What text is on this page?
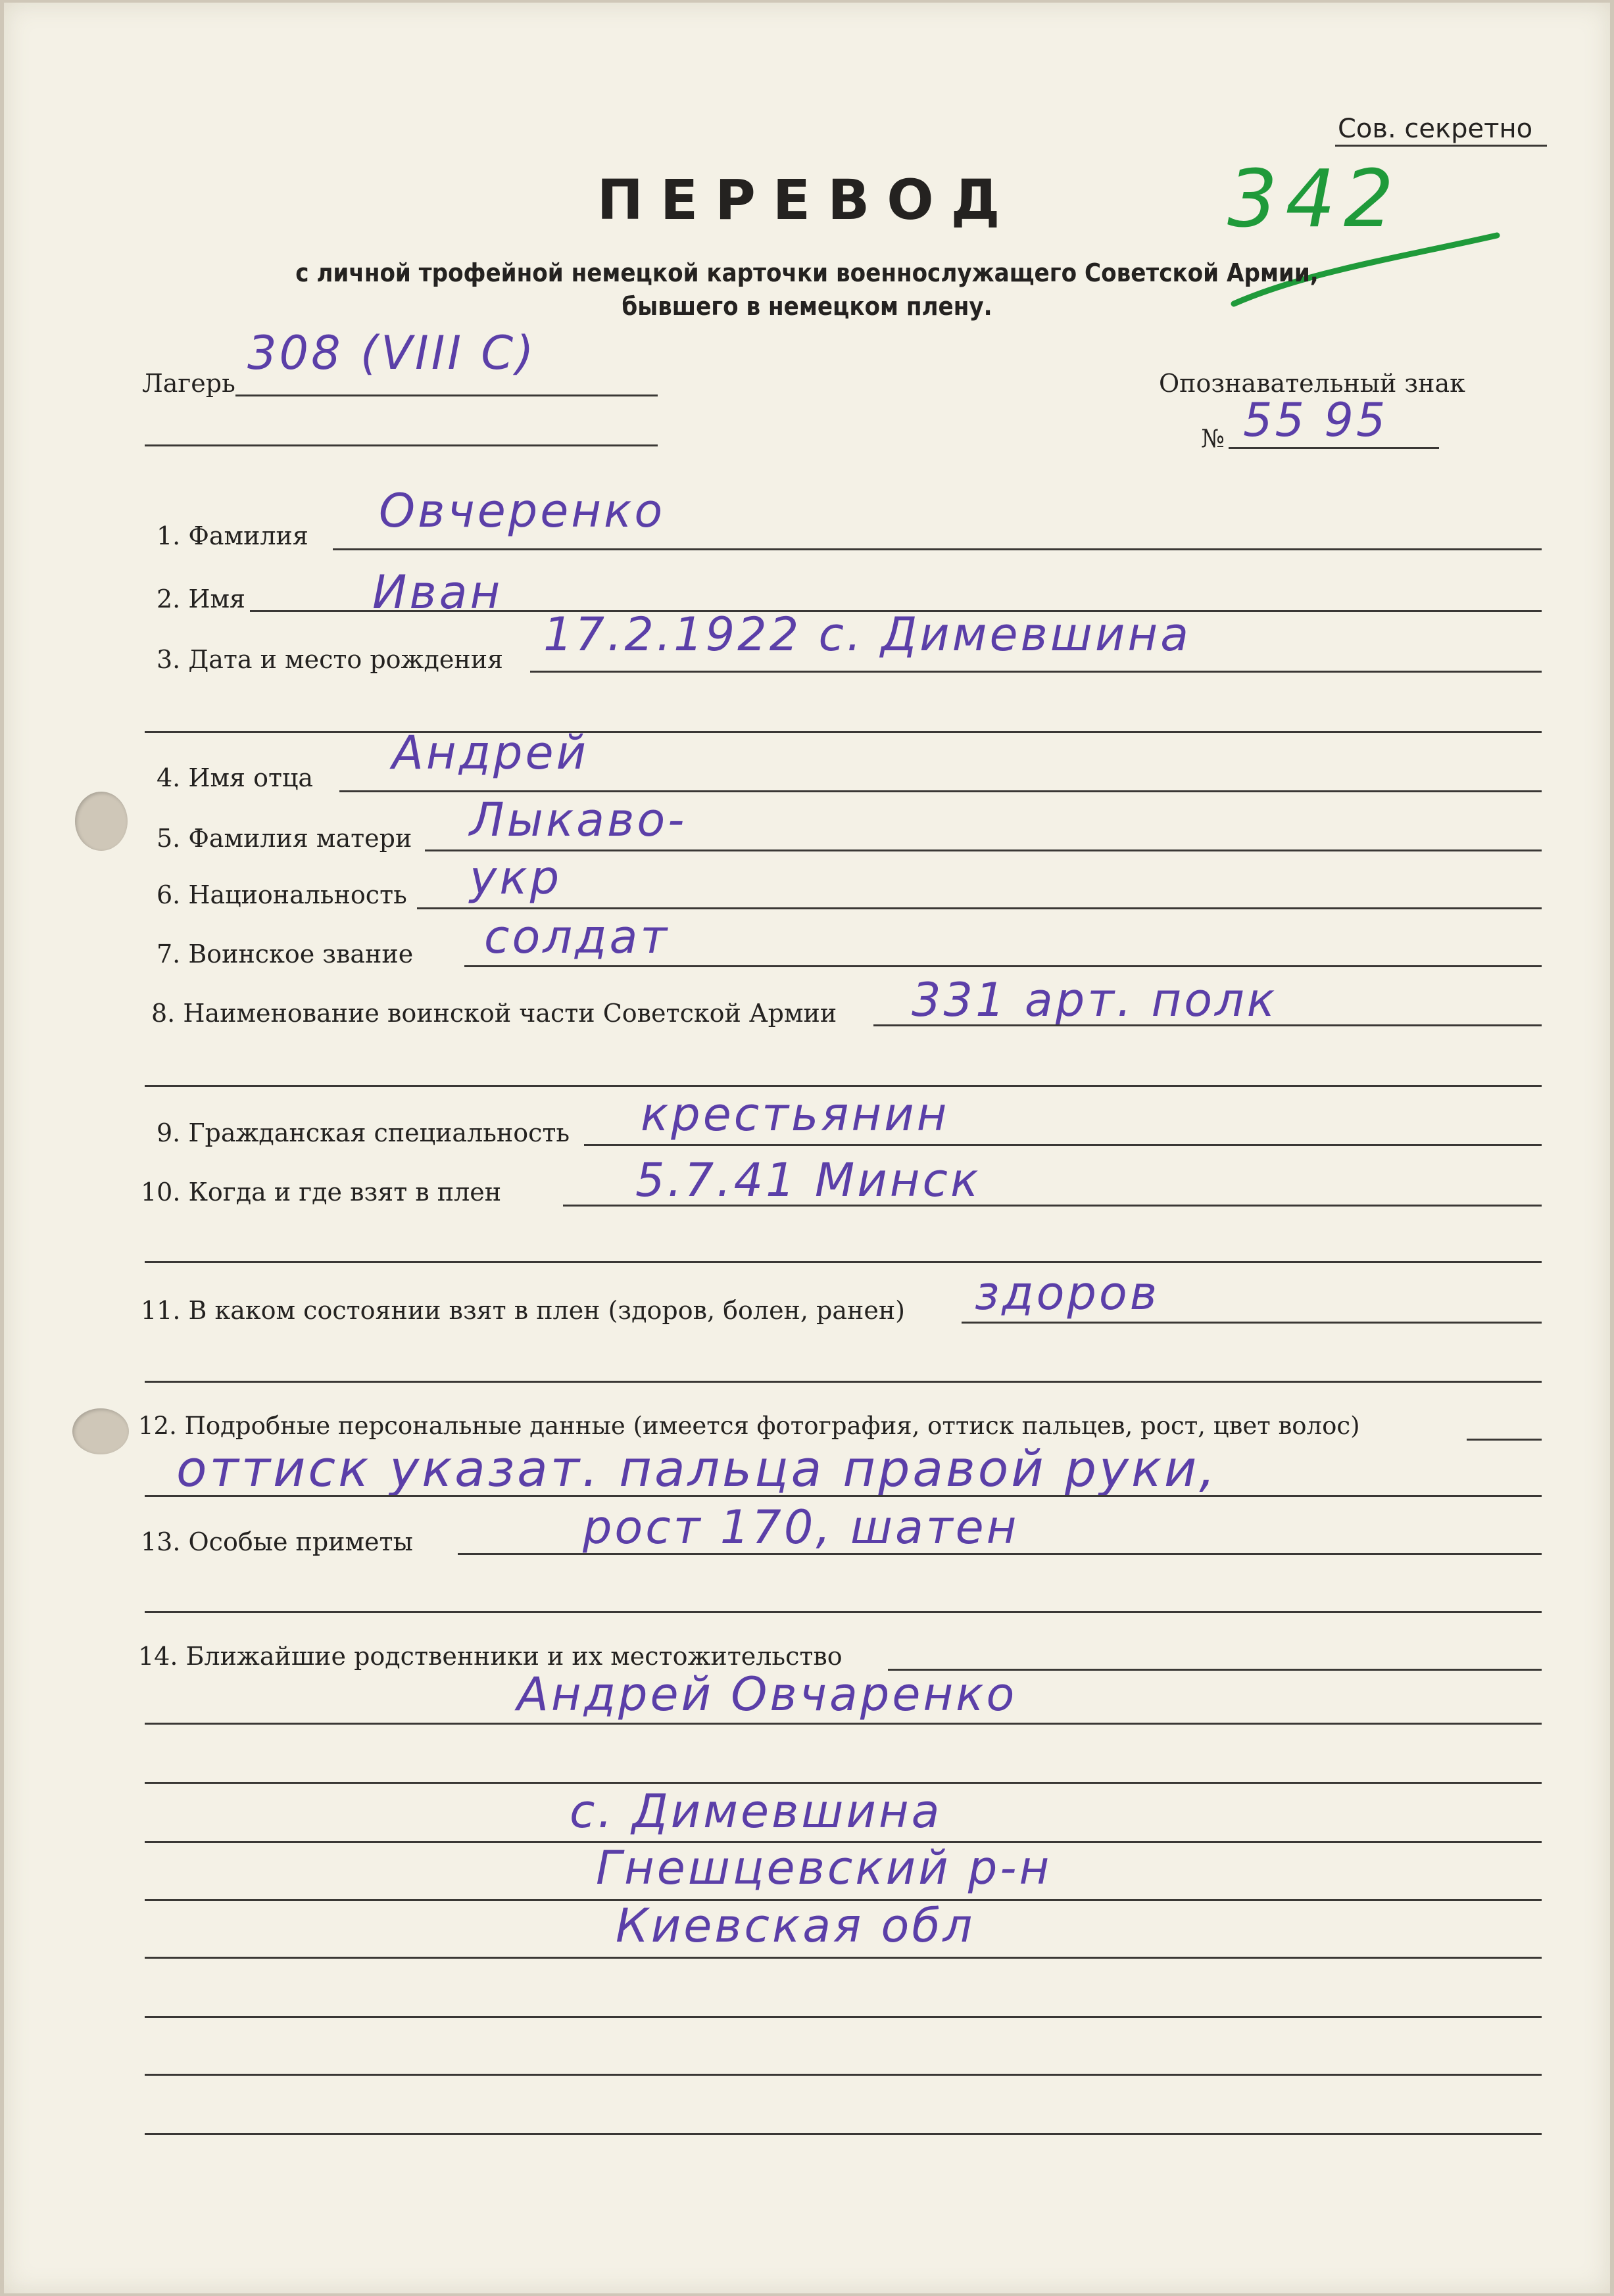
Сов. секретно
342
ПЕРЕВОД
с личной трофейной немецкой карточки военнослужащего Советской Армии,
бывшего в немецком плену.
Лагерь
308 (VIII C)
Опознавательный знак
№ 55 95
1. Фамилия Овчеренко
2. Имя	Иван
3. Дата и место рождения 17.2.1922 с. Димевшина
4. Имя отца Андрей
5. Фамилия матери Лыкаво-
6. Национальность укр
7. Воинское звание солдат
8. Наименование воинской части Советской Армии 331 арт. полк
9. Гражданская специальность крестьянин
10. Когда и где взят в плен	5.7.41 Минск
11. В каком состоянии взят в плен (здоров, болен, ранен) здоров
12. Подробные персональные данные (имеется фотография, оттиск пальцев, рост, цвет волос)
оттиск указат. пальца правой руки,
13. Особые приметы	рост 170, шатен
14. Ближайшие родственники и их местожительство
Андрей Овчаренко
с. Димевшина
Гнешцевский р-н
Киевская обл
